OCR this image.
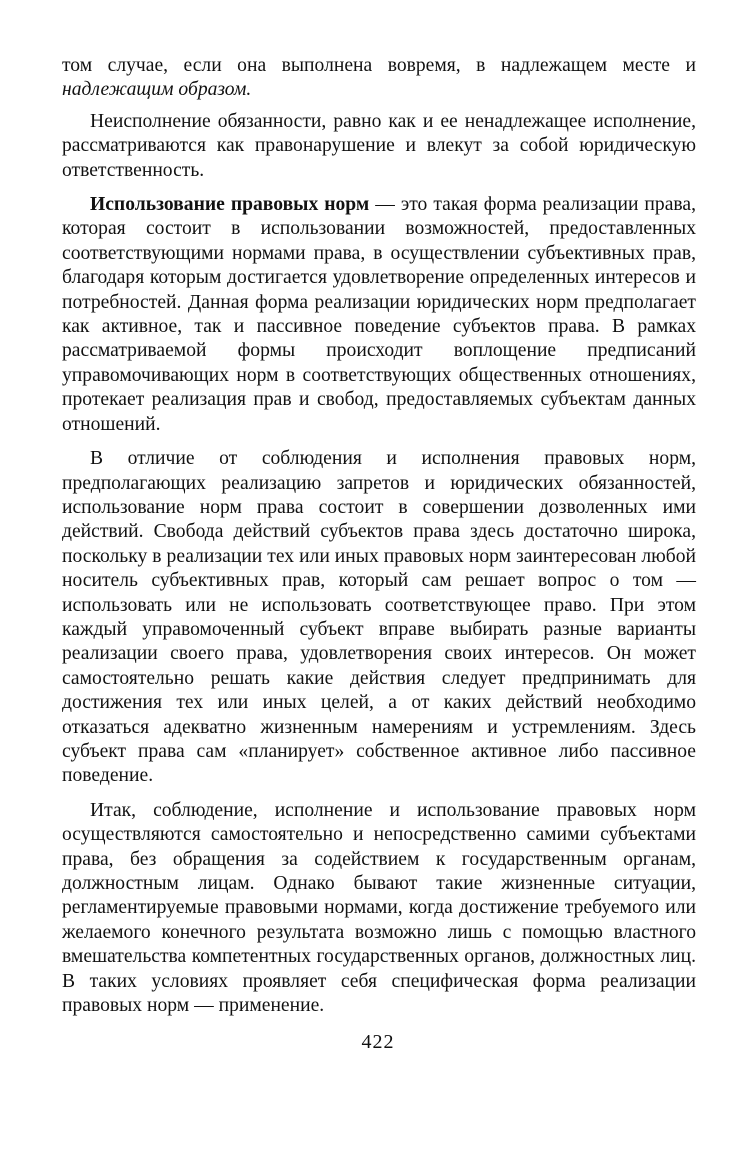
том случае, если она выполнена вовремя, в надлежащем месте и надлежащим образом.

Неисполнение обязанности, равно как и ее ненадлежащее исполнение, рассматриваются как правонарушение и влекут за собой юридическую ответственность.

Использование правовых норм — это такая форма реализации права, которая состоит в использовании возможностей, предоставленных соответствующими нормами права, в осуществлении субъективных прав, благодаря которым достигается удовлетворение определенных интересов и потребностей. Данная форма реализации юридических норм предполагает как активное, так и пассивное поведение субъектов права. В рамках рассматриваемой формы происходит воплощение предписаний управомочивающих норм в соответствующих общественных отношениях, протекает реализация прав и свобод, предоставляемых субъектам данных отношений.

В отличие от соблюдения и исполнения правовых норм, предполагающих реализацию запретов и юридических обязанностей, использование норм права состоит в совершении дозволенных ими действий. Свобода действий субъектов права здесь достаточно широка, поскольку в реализации тех или иных правовых норм заинтересован любой носитель субъективных прав, который сам решает вопрос о том — использовать или не использовать соответствующее право. При этом каждый управомоченный субъект вправе выбирать разные варианты реализации своего права, удовлетворения своих интересов. Он может самостоятельно решать какие действия следует предпринимать для достижения тех или иных целей, а от каких действий необходимо отказаться адекватно жизненным намерениям и устремлениям. Здесь субъект права сам «планирует» собственное активное либо пассивное поведение.

Итак, соблюдение, исполнение и использование правовых норм осуществляются самостоятельно и непосредственно самими субъектами права, без обращения за содействием к государственным органам, должностным лицам. Однако бывают такие жизненные ситуации, регламентируемые правовыми нормами, когда достижение требуемого или желаемого конечного результата возможно лишь с помощью властного вмешательства компетентных государственных органов, должностных лиц. В таких условиях проявляет себя специфическая форма реализации правовых норм — применение.

422
